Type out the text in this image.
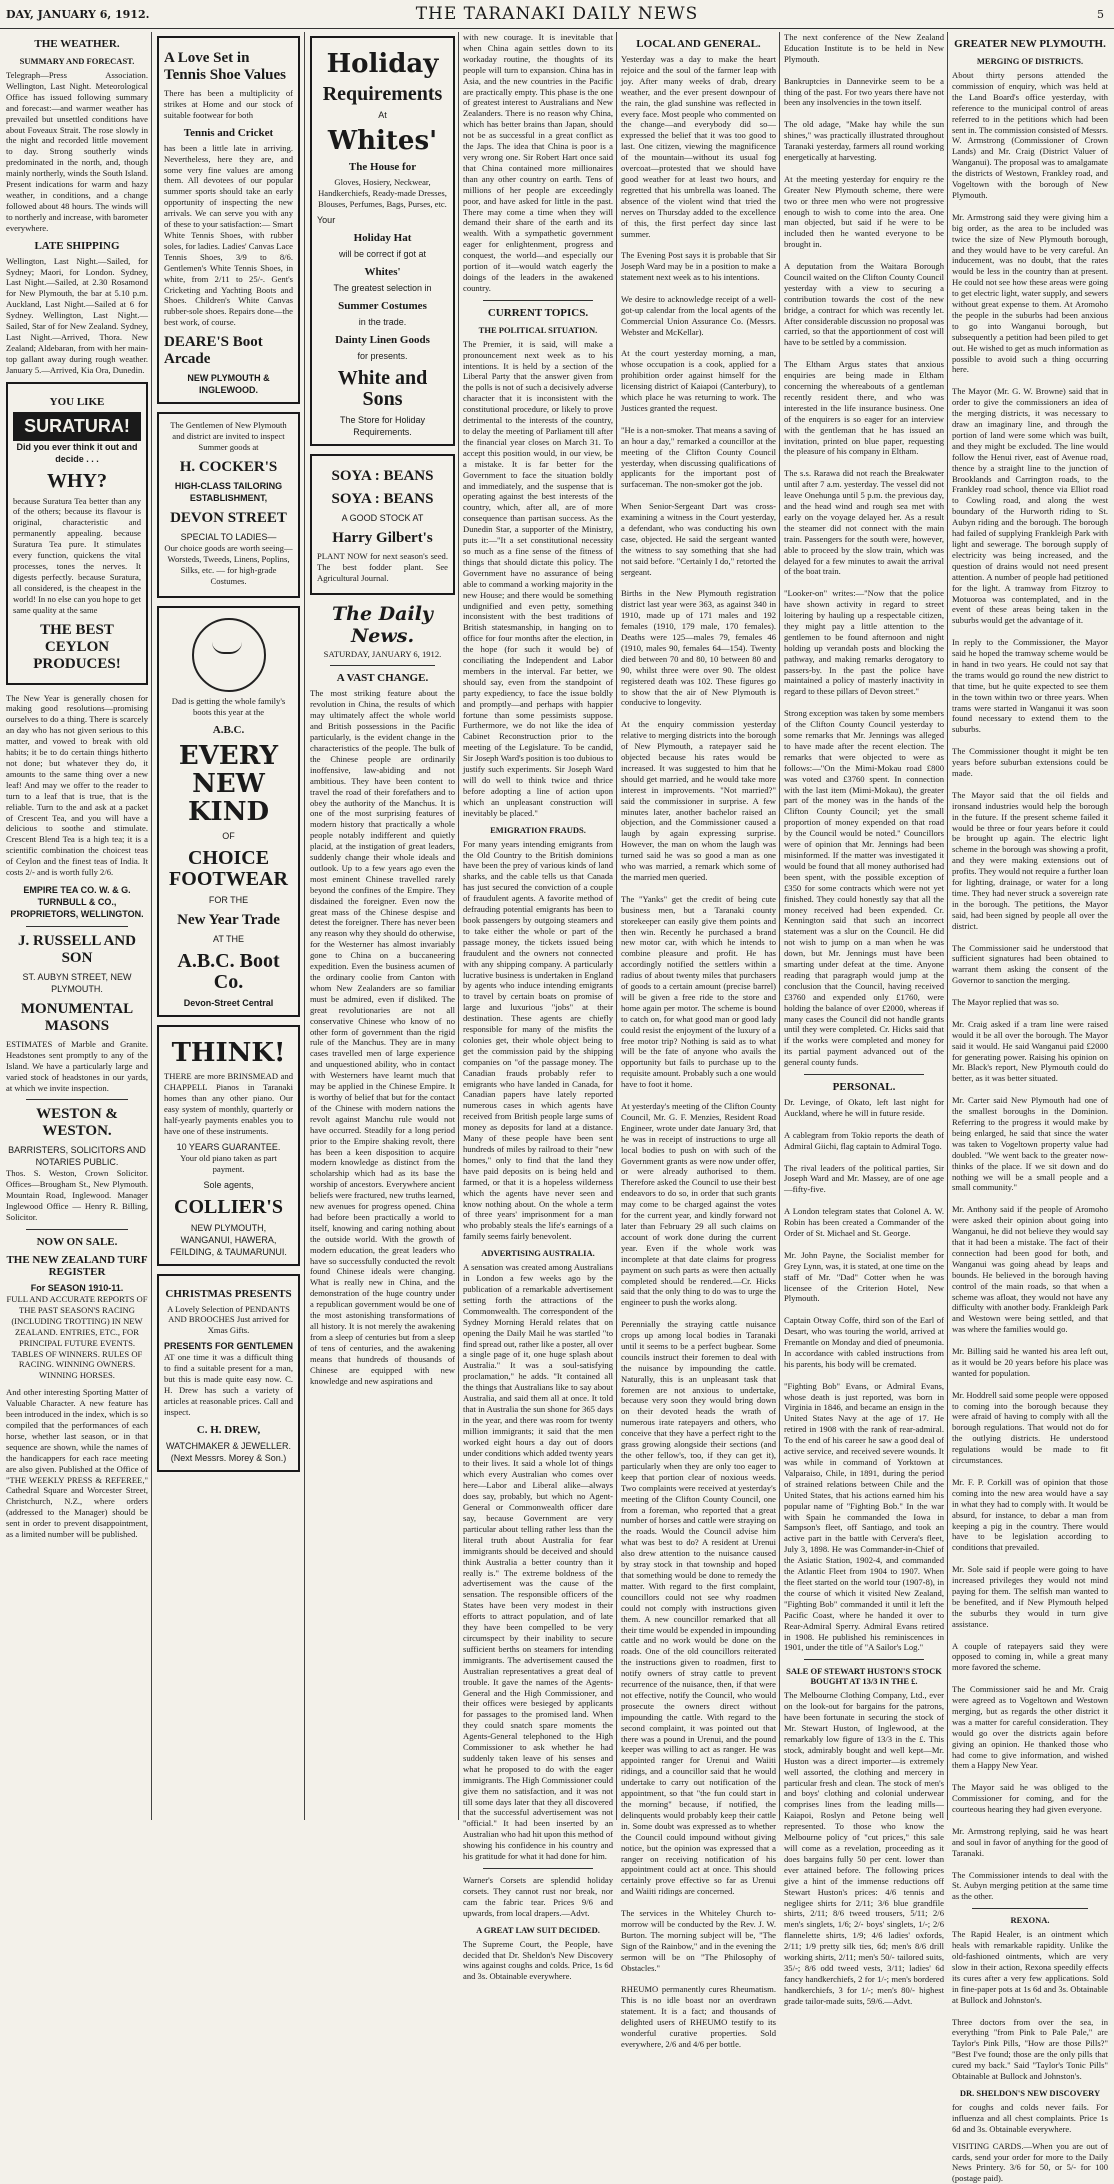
DAY, JANUARY 6, 1912.	THE TARANAKI DAILY NEWS	5
THE WEATHER.
SUMMARY AND FORECAST.

Telegraph—Press Association. Wellington, Last Night. Meteorological Office has issued following summary and forecast:—and warmer weather has prevailed but unsettled conditions have about Foveaux Strait. The rose slowly in the night and recorded little movement to day. Strong southerly winds predominated in the north, and, though mainly northerly, winds the South Island. Present indications for warm and hazy weather, in conditions, and a change followed about 48 hours. The winds will to northerly and increase, with barometer everywhere.

LATE SHIPPING

Wellington, Last Night.—Sailed, for Sydney; Maori, for London. Sydney, Last Night.—Sailed, at 2.30 Rosamond for New Plymouth, the bar at 5.10 p.m. Auckland, Last Night.—Sailed at 6 for Sydney. Wellington, Last Night.—Sailed, Star of for New Zealand. Sydney, Last Night.—Arrived, Thora. New Zealand; Aldebaran, from with her main-top gallant away during rough weather. January 5.—Arrived, Kia Ora, Dunedin.

YOU LIKE
SURATURA!
Did you ever think it out and decide . . .
WHY?

because Suratura Tea better than any of the others; because its flavour is original, characteristic and permanently appealing. because Suratura Tea pure. It stimulates every function, quickens the vital processes, tones the nerves. It digests perfectly. because Suratura, all considered, is the cheapest in the world! In no else can you hope to get same quality at the same

THE BEST CEYLON PRODUCES!

The New Year is generally chosen for making good resolutions—promising ourselves to do a thing. There is scarcely an day who has not given serious to this matter, and vowed to break with old habits; it be to do certain things hitherto not done; but whatever they do, it amounts to the same thing over a new leaf! And may we offer to the reader to turn to a leaf that is true, that is the reliable. Turn to the and ask at a packet of Crescent Tea, and you will have a delicious to soothe and stimulate. Crescent Blend Tea is a high tea; it is a scientific combination the choicest teas of Ceylon and the finest teas of India. It costs 2/- and is worth fully 2/6.

EMPIRE TEA CO. W. & G. TURNBULL & CO., PROPRIETORS, WELLINGTON.
J. RUSSELL AND SON
ST. AUBYN STREET, NEW PLYMOUTH.
MONUMENTAL MASONS

ESTIMATES of Marble and Granite. Headstones sent promptly to any of the Island. We have a particularly large and varied stock of headstones in our yards, at which we invite inspection.

WESTON & WESTON.
BARRISTERS, SOLICITORS AND NOTARIES PUBLIC.

Thos. S. Weston, Crown Solicitor. Offices—Brougham St., New Plymouth. Mountain Road, Inglewood. Manager Inglewood Office — Henry R. Billing, Solicitor.

NOW ON SALE.
THE NEW ZEALAND TURF REGISTER
For SEASON 1910-11.

FULL AND ACCURATE REPORTS OF THE PAST SEASON'S RACING (INCLUDING TROTTING) IN NEW ZEALAND. ENTRIES, ETC., FOR PRINCIPAL FUTURE EVENTS. TABLES OF WINNERS. RULES OF RACING. WINNING OWNERS. WINNING HORSES.

And other interesting Sporting Matter of Valuable Character. A new feature has been introduced in the index, which is so compiled that the performances of each horse, whether last season, or in that sequence are shown, while the names of the handicappers for each race meeting are also given. Published at the Office of "THE WEEKLY PRESS & REFEREE," Cathedral Square and Worcester Street, Christchurch, N.Z., where orders (addressed to the Manager) should be sent in order to prevent disappointment, as a limited number will be published.

A Love Set in Tennis Shoe Values

There has been a multiplicity of strikes at Home and our stock of suitable footwear for both

Tennis and Cricket

has been a little late in arriving. Nevertheless, here they are, and some very fine values are among them. All devotees of our popular summer sports should take an early opportunity of inspecting the new arrivals. We can serve you with any of these to your satisfaction:— Smart White Tennis Shoes, with rubber soles, for ladies. Ladies' Canvas Lace Tennis Shoes, 3/9 to 8/6. Gentlemen's White Tennis Shoes, in white, from 2/11 to 25/-. Gent's Cricketing and Yachting Boots and Shoes. Children's White Canvas rubber-sole shoes. Repairs done—the best work, of course.

DEARE'S Boot Arcade
NEW PLYMOUTH & INGLEWOOD.

The Gentlemen of New Plymouth and district are invited to inspect Summer goods at

H. COCKER'S
HIGH-CLASS TAILORING ESTABLISHMENT,
DEVON STREET
SPECIAL TO LADIES—

Our choice goods are worth seeing—Worsteds, Tweeds, Linens, Poplins, Silks, etc. — for high-grade Costumes.

Dad is getting the whole family's boots this year at the

A.B.C.
EVERY NEW KIND
OF
CHOICE FOOTWEAR
FOR THE
New Year Trade
AT THE
A.B.C. Boot Co.
Devon-Street Central
THINK!

THERE are more BRINSMEAD and CHAPPELL Pianos in Taranaki homes than any other piano. Our easy system of monthly, quarterly or half-yearly payments enables you to have one of these instruments.

10 YEARS GUARANTEE.

Your old piano taken as part payment.

Sole agents,
COLLIER'S
NEW PLYMOUTH, WANGANUI, HAWERA, FEILDING, & TAUMARUNUI.
CHRISTMAS PRESENTS

A Lovely Selection of PENDANTS AND BROOCHES Just arrived for Xmas Gifts.

PRESENTS FOR GENTLEMEN

AT one time it was a difficult thing to find a suitable present for a man, but this is made quite easy now. C. H. Drew has such a variety of articles at reasonable prices. Call and inspect.

C. H. DREW,
WATCHMAKER & JEWELLER. (Next Messrs. Morey & Son.)
Holiday
Requirements
At
Whites'
The House for

Gloves, Hosiery, Neckwear, Handkerchiefs, Ready-made Dresses, Blouses, Perfumes, Bags, Purses, etc.

Your
Holiday Hat
will be correct if got at
Whites'
The greatest selection in
Summer Costumes
in the trade.
Dainty Linen Goods
for presents.
White and Sons
The Store for Holiday Requirements.
SOYA : BEANS
SOYA : BEANS
A GOOD STOCK AT
Harry Gilbert's

PLANT NOW for next season's seed. The best fodder plant. See Agricultural Journal.

The Daily News.
SATURDAY, JANUARY 6, 1912.
A VAST CHANGE.

The most striking feature about the revolution in China, the results of which may ultimately affect the whole world and British possessions in the Pacific particularly, is the evident change in the characteristics of the people. The bulk of the Chinese people are ordinarily inoffensive, law-abiding and not ambitious. They have been content to travel the road of their forefathers and to obey the authority of the Manchus. It is one of the most surprising features of modern history that practically a whole people notably indifferent and quietly placid, at the instigation of great leaders, suddenly change their whole ideals and outlook. Up to a few years ago even the most eminent Chinese travelled rarely beyond the confines of the Empire. They disdained the foreigner. Even now the great mass of the Chinese despise and detest the foreigner. There has never been any reason why they should do otherwise, for the Westerner has almost invariably gone to China on a buccaneering expedition. Even the business acumen of the ordinary coolie from Canton with whom New Zealanders are so familiar must be admired, even if disliked. The great revolutionaries are not all conservative Chinese who know of no other form of government than the rigid rule of the Manchus. They are in many cases travelled men of large experience and unquestioned ability, who in contact with Westerners have learnt much that may be applied in the Chinese Empire. It is worthy of belief that but for the contact of the Chinese with modern nations the revolt against Manchu rule would not have occurred. Steadily for a long period prior to the Empire shaking revolt, there has been a keen disposition to acquire modern knowledge as distinct from the scholarship which had as its base the worship of ancestors. Everywhere ancient beliefs were fractured, new truths learned, new avenues for progress opened. China had before been practically a world to itself, knowing and caring nothing about the outside world. With the growth of modern education, the great leaders who have so successfully conducted the revolt found Chinese ideals were changing. What is really new in China, and the demonstration of the huge country under a republican government would be one of the most astonishing transformations of all history. It is not merely the awakening from a sleep of centuries but from a sleep of tens of centuries, and the awakening means that hundreds of thousands of Chinese are equipped with new knowledge and new aspirations and

with new courage. It is inevitable that when China again settles down to its workaday routine, the thoughts of its people will turn to expansion. China has in Asia, and the new countries in the Pacific are practically empty. This phase is the one of greatest interest to Australians and New Zealanders. There is no reason why China, which has better brains than Japan, should not be as successful in a great conflict as the Japs. The idea that China is poor is a very wrong one. Sir Robert Hart once said that China contained more millionaires than any other country on earth. Tens of millions of her people are exceedingly poor, and have asked for little in the past. There may come a time when they will demand their share of the earth and its wealth. With a sympathetic government eager for enlightenment, progress and conquest, the world—and especially our portion of it—would watch eagerly the doings of the leaders in the awakened country.

CURRENT TOPICS.
THE POLITICAL SITUATION.

The Premier, it is said, will make a pronouncement next week as to his intentions. It is held by a section of the Liberal Party that the answer given from the polls is not of such a decisively adverse character that it is inconsistent with the constitutional procedure, or likely to prove detrimental to the interests of the country, to delay the meeting of Parliament till after the financial year closes on March 31. To accept this position would, in our view, be a mistake. It is far better for the Government to face the situation boldly and immediately, and the suspense that is operating against the best interests of the country, which, after all, are of more consequence than partisan success. As the Dunedin Star, a supporter of the Ministry, puts it:—"It a set constitutional necessity so much as a fine sense of the fitness of things that should dictate this policy. The Government have no assurance of being able to command a working majority in the new House; and there would be something undignified and even petty, something inconsistent with the best traditions of British statesmanship, in hanging on to office for four months after the election, in the hope (for such it would be) of conciliating the Independent and Labor members in the interval. Far better, we should say, even from the standpoint of party expediency, to face the issue boldly and promptly—and perhaps with happier fortune than some pessimists suppose. Furthermore, we do not like the idea of Cabinet Reconstruction prior to the meeting of the Legislature. To be candid, Sir Joseph Ward's position is too dubious to justify such experiments. Sir Joseph Ward will do well to think twice and thrice before adopting a line of action upon which an unpleasant construction will inevitably be placed."

EMIGRATION FRAUDS.

For many years intending emigrants from the Old Country to the British dominions have been the prey of various kinds of land sharks, and the cable tells us that Canada has just secured the conviction of a couple of fraudulent agents. A favorite method of defrauding potential emigrants has been to book passengers by outgoing steamers and to take either the whole or part of the passage money, the tickets issued being fraudulent and the owners not connected with any shipping company. A particularly lucrative business is undertaken in England by agents who induce intending emigrants to travel by certain boats on promise of large and luxurious "jobs" at their destination. These agents are chiefly responsible for many of the misfits the colonies get, their whole object being to get the commission paid by the shipping companies on "of the passage money. The Canadian frauds probably refer to emigrants who have landed in Canada, for Canadian papers have lately reported numerous cases in which agents have received from British people large sums of money as deposits for land at a distance. Many of these people have been sent hundreds of miles by railroad to their "new homes," only to find that the land they have paid deposits on is being held and farmed, or that it is a hopeless wilderness which the agents have never seen and know nothing about. On the whole a term of three years' imprisonment for a man who probably steals the life's earnings of a family seems fairly benevolent.

ADVERTISING AUSTRALIA.

A sensation was created among Australians in London a few weeks ago by the publication of a remarkable advertisement setting forth the attractions of the Commonwealth. The correspondent of the Sydney Morning Herald relates that on opening the Daily Mail he was startled "to find spread out, rather like a poster, all over a single page of it, one huge splash about Australia." It was a soul-satisfying proclamation," he adds. "It contained all the things that Australians like to say about Australia, and said them all at once. It told that in Australia the sun shone for 365 days in the year, and there was room for twenty million immigrants; it said that the men worked eight hours a day out of doors under conditions which added twenty years to their lives. It said a whole lot of things which every Australian who comes over here—Labor and Liberal alike—always does say, probably, but which no Agent-General or Commonwealth officer dare say, because Government are very particular about telling rather less than the literal truth about Australia for fear immigrants should be deceived and should think Australia a better country than it really is." The extreme boldness of the advertisement was the cause of the sensation. The responsible officers of the States have been very modest in their efforts to attract population, and of late they have been compelled to be very circumspect by their inability to secure sufficient berths on steamers for intending immigrants. The advertisement caused the Australian representatives a great deal of trouble. It gave the names of the Agents-General and the High Commissioner, and their offices were besieged by applicants for passages to the promised land. When they could snatch spare moments the Agents-General telephoned to the High Commissioner to ask whether he had suddenly taken leave of his senses and what he proposed to do with the eager immigrants. The High Commissioner could give them no satisfaction, and it was not till some days later that they all discovered that the successful advertisement was not "official." It had been inserted by an Australian who had hit upon this method of showing his confidence in his country and his gratitude for what it had done for him.

Warner's Corsets are splendid holiday corsets. They cannot rust nor break, nor cam the fabric tear. Prices 9/6 and upwards, from local drapers.—Advt.

A GREAT LAW SUIT DECIDED.

The Supreme Court, the People, have decided that Dr. Sheldon's New Discovery wins against coughs and colds. Price, 1s 6d and 3s. Obtainable everywhere.

LOCAL AND GENERAL.

Yesterday was a day to make the heart rejoice and the soul of the farmer leap with joy. After many weeks of drab, dreary weather, and the ever present downpour of the rain, the glad sunshine was reflected in every face. Most people who commented on the change—and everybody did so—expressed the belief that it was too good to last. One citizen, viewing the magnificence of the mountain—without its usual fog overcoat—protested that we should have good weather for at least two hours, and regretted that his umbrella was loaned. The absence of the violent wind that tried the nerves on Thursday added to the excellence of this, the first perfect day since last summer.

The Evening Post says it is probable that Sir Joseph Ward may be in a position to make a statement next week as to his intentions.

We desire to acknowledge receipt of a well-got-up calendar from the local agents of the Commercial Union Assurance Co. (Messrs. Webster and McKellar).

At the court yesterday morning, a man, whose occupation is a cook, applied for a prohibition order against himself for the licensing district of Kaiapoi (Canterbury), to which place he was returning to work. The Justices granted the request.

"He is a non-smoker. That means a saving of an hour a day," remarked a councillor at the meeting of the Clifton County Council yesterday, when discussing qualifications of applicants for the important post of surfaceman. The non-smoker got the job.

When Senior-Sergeant Dart was cross-examining a witness in the Court yesterday, a defendant, who was conducting his own case, objected. He said the sergeant wanted the witness to say something that she had not said before. "Certainly I do," retorted the sergeant.

Births in the New Plymouth registration district last year were 363, as against 340 in 1910, made up of 171 males and 192 females (1910, 179 male, 170 females). Deaths were 125—males 79, females 46 (1910, males 90, females 64—154). Twenty died between 70 and 80, 10 between 80 and 90, whilst three were over 90. The oldest registered death was 102. These figures go to show that the air of New Plymouth is conducive to longevity.

At the enquiry commission yesterday relative to merging districts into the borough of New Plymouth, a ratepayer said he objected because his rates would be increased. It was suggested to him that he should get married, and he would take more interest in improvements. "Not married?" said the commissioner in surprise. A few minutes later, another bachelor raised an objection, and the Commissioner caused a laugh by again expressing surprise. However, the man on whom the laugh was turned said he was so good a man as one who was married, a remark which some of the married men queried.

The "Yanks" get the credit of being cute business men, but a Taranaki county storekeeper can easily give them points and then win. Recently he purchased a brand new motor car, with which he intends to combine pleasure and profit. He has accordingly notified the settlers within a radius of about twenty miles that purchasers of goods to a certain amount (precise barrel) will be given a free ride to the store and home again per motor. The scheme is bound to catch on, for what good man or good lady could resist the enjoyment of the luxury of a free motor trip? Nothing is said as to what will be the fate of anyone who avails the opportunity but fails to purchase up to the requisite amount. Probably such a one would have to foot it home.

At yesterday's meeting of the Clifton County Council, Mr. G. F. Menzies, Resident Road Engineer, wrote under date January 3rd, that he was in receipt of instructions to urge all local bodies to push on with such of the Government grants as were now under offer, or were already authorised to them. Therefore asked the Council to use their best endeavors to do so, in order that such grants may come to be charged against the votes for the current year, and kindly forward not later than February 29 all such claims on account of work done during the current year. Even if the whole work was incomplete at that date claims for progress payment on such parts as were then actually completed should be rendered.—Cr. Hicks said that the only thing to do was to urge the engineer to push the works along.

Perennially the straying cattle nuisance crops up among local bodies in Taranaki until it seems to be a perfect bugbear. Some councils instruct their foremen to deal with the nuisance by impounding the cattle. Naturally, this is an unpleasant task that foremen are not anxious to undertake, because very soon they would bring down on their devoted heads the wrath of numerous irate ratepayers and others, who conceive that they have a perfect right to the grass growing alongside their sections (and the other fellow's, too, if they can get it), particularly when they are only too eager to keep that portion clear of noxious weeds. Two complaints were received at yesterday's meeting of the Clifton County Council, one from a foreman, who reported that a great number of horses and cattle were straying on the roads. Would the Council advise him what was best to do? A resident at Urenui also drew attention to the nuisance caused by stray stock in that township and hoped that something would be done to remedy the matter. With regard to the first complaint, councillors could not see why roadmen could not comply with instructions given them. A new councillor remarked that all their time would be expended in impounding cattle and no work would be done on the roads. One of the old councillors reiterated the instructions given to roadmen, first to notify owners of stray cattle to prevent recurrence of the nuisance, then, if that were not effective, notify the Council, who would prosecute the owners direct without impounding the cattle. With regard to the second complaint, it was pointed out that there was a pound in Urenui, and the pound keeper was willing to act as ranger. He was appointed ranger for Urenui and Waiiti ridings, and a councillor said that he would undertake to carry out notification of the appointment, so that "the fun could start in the morning" because, if notified, the delinquents would probably keep their cattle in. Some doubt was expressed as to whether the Council could impound without giving notice, but the opinion was expressed that a ranger on receiving notification of his appointment could act at once. This should certainly prove effective so far as Urenui and Waiiti ridings are concerned.

The services in the Whiteley Church to-morrow will be conducted by the Rev. J. W. Burton. The morning subject will be, "The Sign of the Rainbow," and in the evening the sermon will be on "The Philosophy of Obstacles."

RHEUMO permanently cures Rheumatism. This is no idle boast nor an overdrawn statement. It is a fact; and thousands of delighted users of RHEUMO testify to its wonderful curative properties. Sold everywhere, 2/6 and 4/6 per bottle.

The next conference of the New Zealand Education Institute is to be held in New Plymouth.

Bankruptcies in Dannevirke seem to be a thing of the past. For two years there have not been any insolvencies in the town itself.

The old adage, "Make hay while the sun shines," was practically illustrated throughout Taranaki yesterday, farmers all round working energetically at harvesting.

At the meeting yesterday for enquiry re the Greater New Plymouth scheme, there were two or three men who were not progressive enough to wish to come into the area. One man objected, but said if he were to be included then he wanted everyone to be brought in.

A deputation from the Waitara Borough Council waited on the Clifton County Council yesterday with a view to securing a contribution towards the cost of the new bridge, a contract for which was recently let. After considerable discussion no proposal was carried, so that the apportionment of cost will have to be settled by a commission.

The Eltham Argus states that anxious enquiries are being made in Eltham concerning the whereabouts of a gentleman recently resident there, and who was interested in the life insurance business. One of the enquirers is so eager for an interview with the gentleman that he has issued an invitation, printed on blue paper, requesting the pleasure of his company in Eltham.

The s.s. Rarawa did not reach the Breakwater until after 7 a.m. yesterday. The vessel did not leave Onehunga until 5 p.m. the previous day, and the head wind and rough sea met with early on the voyage delayed her. As a result the steamer did not connect with the main train. Passengers for the south were, however, able to proceed by the slow train, which was delayed for a few minutes to await the arrival of the boat train.

"Looker-on" writes:—"Now that the police have shown activity in regard to street loitering by hauling up a respectable citizen, they might pay a little attention to the gentlemen to be found afternoon and night holding up verandah posts and blocking the pathway, and making remarks derogatory to passers-by. In the past the police have maintained a policy of masterly inactivity in regard to these pillars of Devon street."

Strong exception was taken by some members of the Clifton County Council yesterday to some remarks that Mr. Jennings was alleged to have made after the recent election. The remarks that were objected to were as follows:—"On the Mimi-Mokau road £800 was voted and £3760 spent. In connection with the last item (Mimi-Mokau), the greater part of the money was in the hands of the Clifton County Council; yet the small proportion of money expended on that road by the Council would be noted." Councillors were of opinion that Mr. Jennings had been misinformed. If the matter was investigated it would be found that all money authorised had been spent, with the possible exception of £350 for some contracts which were not yet finished. They could honestly say that all the money received had been expended. Cr. Kennington said that such an incorrect statement was a slur on the Council. He did not wish to jump on a man when he was down, but Mr. Jennings must have been smarting under defeat at the time. Anyone reading that paragraph would jump at the conclusion that the Council, having received £3760 and expended only £1760, were holding the balance of over £2000, whereas if many cases the Council did not handle grants until they were completed. Cr. Hicks said that if the works were completed and money for its partial payment advanced out of the general county funds.

PERSONAL.

Dr. Levinge, of Okato, left last night for Auckland, where he will in future reside.

A cablegram from Tokio reports the death of Admiral Giichi, flag captain to Admiral Togo.

The rival leaders of the political parties, Sir Joseph Ward and Mr. Massey, are of one age—fifty-five.

A London telegram states that Colonel A. W. Robin has been created a Commander of the Order of St. Michael and St. George.

Mr. John Payne, the Socialist member for Grey Lynn, was, it is stated, at one time on the staff of Mr. "Dad" Cotter when he was licensee of the Criterion Hotel, New Plymouth.

Captain Otway Coffe, third son of the Earl of Desart, who was touring the world, arrived at Fremantle on Monday and died of pneumonia. In accordance with cabled instructions from his parents, his body will be cremated.

"Fighting Bob" Evans, or Admiral Evans, whose death is just reported, was born in Virginia in 1846, and became an ensign in the United States Navy at the age of 17. He retired in 1908 with the rank of rear-admiral. To the end of his career he saw a good deal of active service, and received severe wounds. It was while in command of Yorktown at Valparaiso, Chile, in 1891, during the period of strained relations between Chile and the United States, that his actions earned him his popular name of "Fighting Bob." In the war with Spain he commanded the Iowa in Sampson's fleet, off Santiago, and took an active part in the battle with Cervera's fleet, July 3, 1898. He was Commander-in-Chief of the Asiatic Station, 1902-4, and commanded the Atlantic Fleet from 1904 to 1907. When the fleet started on the world tour (1907-8), in the course of which it visited New Zealand, "Fighting Bob" commanded it until it left the Pacific Coast, where he handed it over to Rear-Admiral Sperry. Admiral Evans retired in 1908. He published his reminiscences in 1901, under the title of "A Sailor's Log."

SALE OF STEWART HUSTON'S STOCK BOUGHT AT 13/3 IN THE £.

The Melbourne Clothing Company, Ltd., ever on the look-out for bargains for the patrons, have been fortunate in securing the stock of Mr. Stewart Huston, of Inglewood, at the remarkably low figure of 13/3 in the £. This stock, admirably bought and well kept—Mr. Huston was a direct importer—is extremely well assorted, the clothing and mercery in particular fresh and clean. The stock of men's and boys' clothing and colonial underwear comprises lines from the leading mills—Kaiapoi, Roslyn and Petone being well represented. To those who know the Melbourne policy of "cut prices," this sale will come as a revelation, proceeding as it does bargains fully 50 per cent. lower than ever attained before. The following prices give a hint of the immense reductions off Stewart Huston's prices: 4/6 tennis and negligee shirts for 2/11; 3/6 blue grandfile shirts, 2/11; 8/6 tweed trousers, 5/11; 2/6 men's singlets, 1/6; 2/- boys' singlets, 1/-; 2/6 flannelette shirts, 1/9; 4/6 ladies' oxfords, 2/11; 1/9 pretty silk ties, 6d; men's 8/6 drill working shirts, 2/11; men's 50/- tailored suits, 35/-; 8/6 odd tweed vests, 3/11; ladies' 6d fancy handkerchiefs, 2 for 1/-; men's bordered handkerchiefs, 3 for 1/-; men's 80/- highest grade tailor-made suits, 59/6.—Advt.

GREATER NEW PLYMOUTH.
MERGING OF DISTRICTS.

About thirty persons attended the commission of enquiry, which was held at the Land Board's office yesterday, with reference to the municipal control of areas referred to in the petitions which had been sent in. The commission consisted of Messrs. W. Armstrong (Commissioner of Crown Lands) and Mr. Craig (District Valuer of Wanganui). The proposal was to amalgamate the districts of Westown, Frankley road, and Vogeltown with the borough of New Plymouth.

Mr. Armstrong said they were giving him a big order, as the area to be included was twice the size of New Plymouth borough, and they would have to be very careful. An inducement, was no doubt, that the rates would be less in the country than at present. He could not see how these areas were going to get electric light, water supply, and sewers without great expense to them. At Aromoho the people in the suburbs had been anxious to go into Wanganui borough, but subsequently a petition had been piled to get out. He wished to get as much information as possible to avoid such a thing occurring here.

The Mayor (Mr. G. W. Browne) said that in order to give the commissioners an idea of the merging districts, it was necessary to draw an imaginary line, and through the portion of land were some which was built, and they might be excluded. The line would follow the Henui river, east of Avenue road, thence by a straight line to the junction of Brooklands and Carrington roads, to the Frankley road school, thence via Elliot road to Cowling road, and along the west boundary of the Hurworth riding to St. Aubyn riding and the borough. The borough had failed of supplying Frankleigh Park with light and sewerage. The borough supply of electricity was being increased, and the question of drains would not need present attention. A number of people had petitioned for the light. A tramway from Fitzroy to Motuoroa was contemplated, and in the event of these areas being taken in the suburbs would get the advantage of it.

In reply to the Commissioner, the Mayor said he hoped the tramway scheme would be in hand in two years. He could not say that the trams would go round the new district to that time, but he quite expected to see them in the town within two or three years. When trams were started in Wanganui it was soon found necessary to extend them to the suburbs.

The Commissioner thought it might be ten years before suburban extensions could be made.

The Mayor said that the oil fields and ironsand industries would help the borough in the future. If the present scheme failed it would be three or four years before it could be brought up again. The electric light scheme in the borough was showing a profit, and they were making extensions out of profits. They would not require a further loan for lighting, drainage, or water for a long time. They had never struck a sovereign rate in the borough. The petitions, the Mayor said, had been signed by people all over the district.

The Commissioner said he understood that sufficient signatures had been obtained to warrant them asking the consent of the Governor to sanction the merging.

The Mayor replied that was so.

Mr. Craig asked if a tram line were raised would it be all over the borough. The Mayor said it would. He said Wanganui paid £2000 for generating power. Raising his opinion on Mr. Black's report, New Plymouth could do better, as it was better situated.

Mr. Carter said New Plymouth had one of the smallest boroughs in the Dominion. Referring to the progress it would make by being enlarged, he said that since the water was taken to Vogeltown property value had doubled. "We went back to the greater now-thinks of the place. If we sit down and do nothing we will be a small people and a small community."

Mr. Anthony said if the people of Aromoho were asked their opinion about going into Wanganui, he did not believe they would say that it had been a mistake. The fact of their connection had been good for both, and Wanganui was going ahead by leaps and bounds. He believed in the borough having control of the main roads, so that when a scheme was afloat, they would not have any difficulty with another body. Frankleigh Park and Westown were being settled, and that was where the families would go.

Mr. Billing said he wanted his area left out, as it would be 20 years before his place was wanted for population.

Mr. Hoddrell said some people were opposed to coming into the borough because they were afraid of having to comply with all the borough regulations. That would not do for the outlying districts. He understood regulations would be made to fit circumstances.

Mr. F. P. Corkill was of opinion that those coming into the new area would have a say in what they had to comply with. It would be absurd, for instance, to debar a man from keeping a pig in the country. There would have to be legislation according to conditions that prevailed.

Mr. Sole said if people were going to have increased privileges they would not mind paying for them. The selfish man wanted to be benefited, and if New Plymouth helped the suburbs they would in turn give assistance.

A couple of ratepayers said they were opposed to coming in, while a great many more favored the scheme.

The Commissioner said he and Mr. Craig were agreed as to Vogeltown and Westown merging, but as regards the other district it was a matter for careful consideration. They would go over the districts again before giving an opinion. He thanked those who had come to give information, and wished them a Happy New Year.

The Mayor said he was obliged to the Commissioner for coming, and for the courteous hearing they had given everyone.

Mr. Armstrong replying, said he was heart and soul in favor of anything for the good of Taranaki.

The Commissioner intends to deal with the St. Aubyn merging petition at the same time as the other.

REXONA.

The Rapid Healer, is an ointment which heals with remarkable rapidity. Unlike the old-fashioned ointments, which are very slow in their action, Rexona speedily effects its cures after a very few applications. Sold in fine-paper pots at 1s 6d and 3s. Obtainable at Bullock and Johnston's.

Three doctors from over the sea, in everything "from Pink to Pale Pale," are Taylor's Pink Pills, "How are those Pills?" "Best I've found; those are the only pills that cured my back." Said "Taylor's Tonic Pills" Obtainable at Bullock and Johnston's.

DR. SHELDON'S NEW DISCOVERY

for coughs and colds never fails. For influenza and all chest complaints. Price 1s 6d and 3s. Obtainable everywhere.

VISITING CARDS.—When you are out of cards, send your order for more to the Daily News Printery. 3/6 for 50, or 5/- for 100 (postage paid).
